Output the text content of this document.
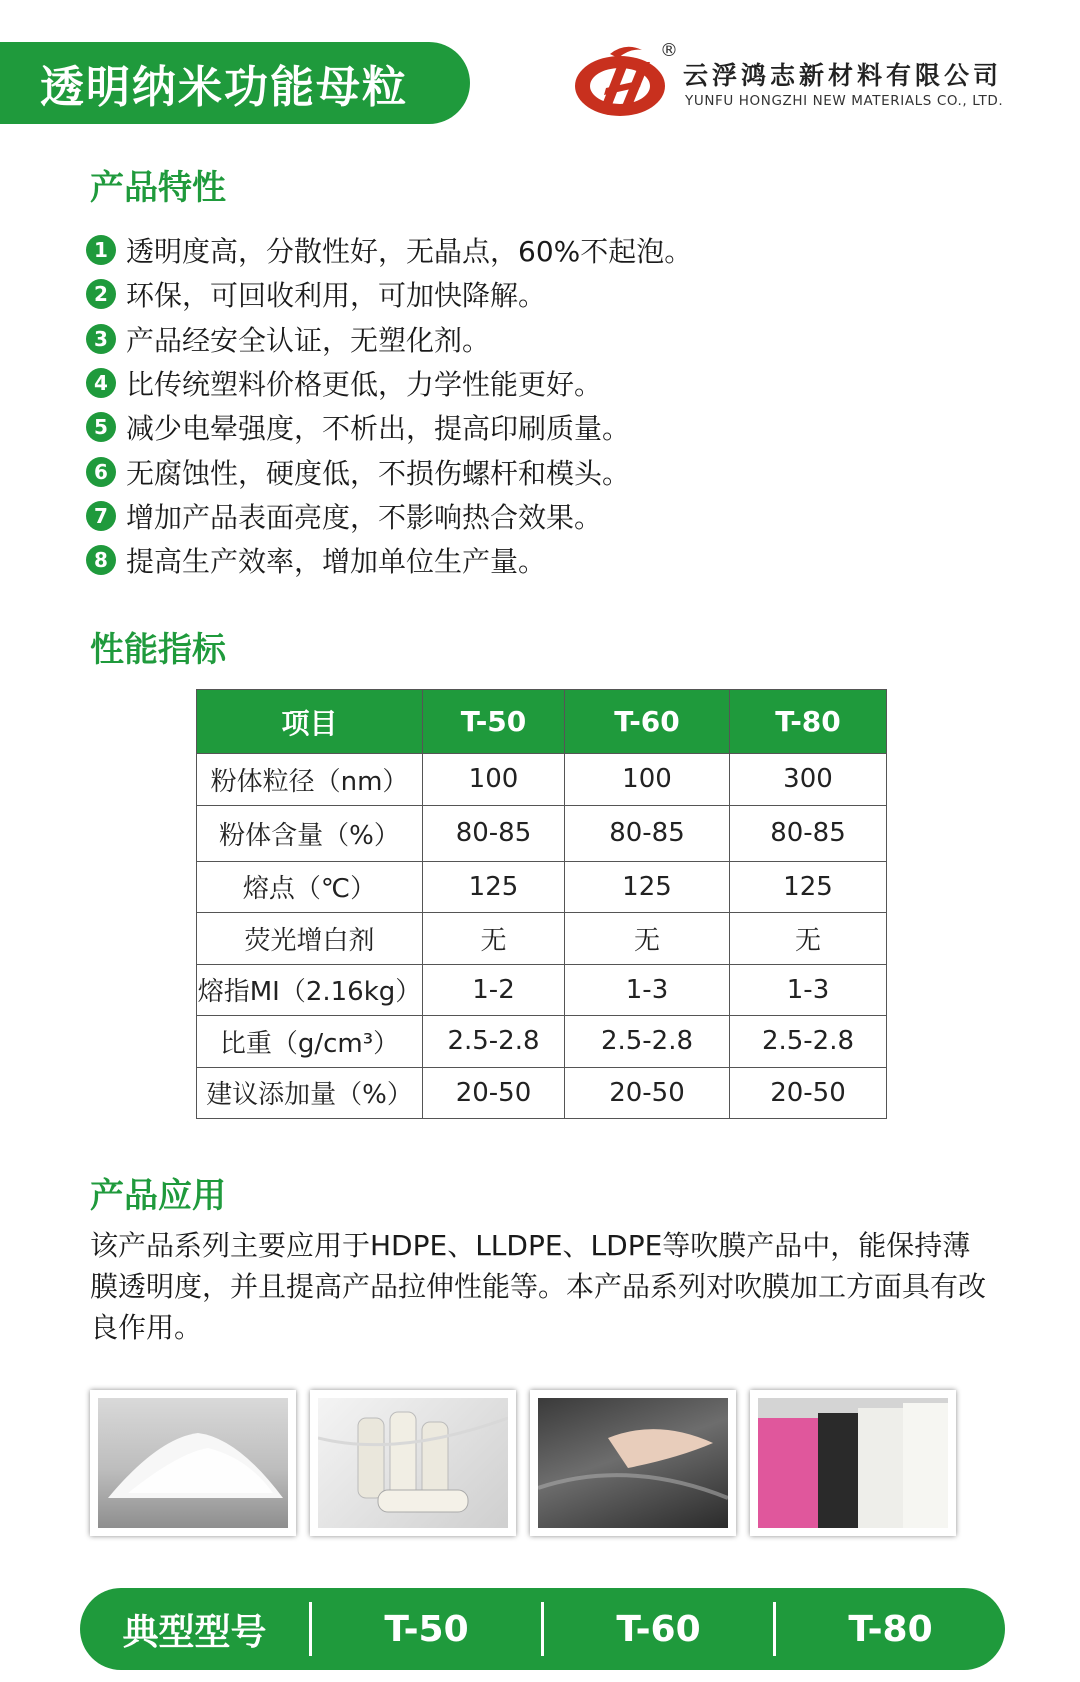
透明纳米功能母粒
®
云浮鸿志新材料有限公司
YUNFU HONGZHI NEW MATERIALS CO., LTD.
产品特性
1 透明度高，分散性好，无晶点，60%不起泡。
2 环保，可回收利用，可加快降解。
3 产品经安全认证，无塑化剂。
4 比传统塑料价格更低，力学性能更好。
5 减少电晕强度，不析出，提高印刷质量。
6 无腐蚀性，硬度低，不损伤螺杆和模头。
7 增加产品表面亮度，不影响热合效果。
8 提高生产效率，增加单位生产量。
性能指标
项目	T-50	T-60	T-80
粉体粒径（nm）	100	100	300
粉体含量（%）	80-85	80-85	80-85
熔点（℃）	125	125	125
荧光增白剂	无	无	无
熔指MI（2.16kg）	1-2	1-3	1-3
比重（g/cm³）	2.5-2.8	2.5-2.8	2.5-2.8
建议添加量（%）	20-50	20-50	20-50
产品应用
该产品系列主要应用于HDPE、LLDPE、LDPE等吹膜产品中，能保持薄膜透明度，并且提高产品拉伸性能等。本产品系列对吹膜加工方面具有改良作用。
典型型号	T-50	T-60	T-80
